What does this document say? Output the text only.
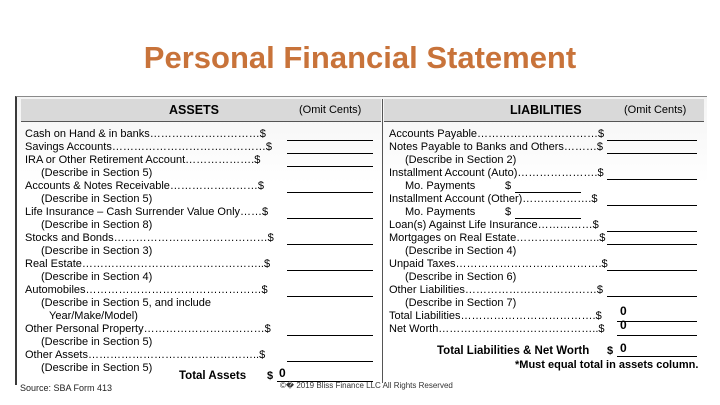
Personal Financial Statement
ASSETS	(Omit Cents)	LIABILITIES	(Omit Cents)
Cash on Hand & in banks…………………………$
Savings Accounts……………………………………$
IRA or Other Retirement Account……………….$
(Describe in Section 5)
Accounts & Notes Receivable……………………$
(Describe in Section 5)
Life Insurance – Cash Surrender Value Only……$
(Describe in Section 8)
Stocks and Bonds……………………………………$
(Describe in Section 3)
Real Estate…………………………………………..$
(Describe in Section 4)
Automobiles…………………………………………$
(Describe in Section 5, and include
Year/Make/Model)
Other Personal Property……………………………$
(Describe in Section 5)
Other Assets………………………………………..$
(Describe in Section 5)
Total Assets $ 0
Accounts Payable……………………………$
Notes Payable to Banks and Others………$
(Describe in Section 2)
Installment Account (Auto)………………….$
Mo. Payments	$
Installment Account (Other)……………….$
Mo. Payments	$
Loan(s) Against Life Insurance……………$
Mortgages on Real Estate…………………..$
(Describe in Section 4)
Unpaid Taxes………………………………….$
(Describe in Section 6)
Other Liabilities………………………………$
(Describe in Section 7)
Total Liabilities……………………………….$ 0
Net Worth……………………………………..$ 0
Total Liabilities & Net Worth $ 0
*Must equal total in assets column.
Source: SBA Form 413	©� 2019 Bliss Finance LLC All Rights Reserved
